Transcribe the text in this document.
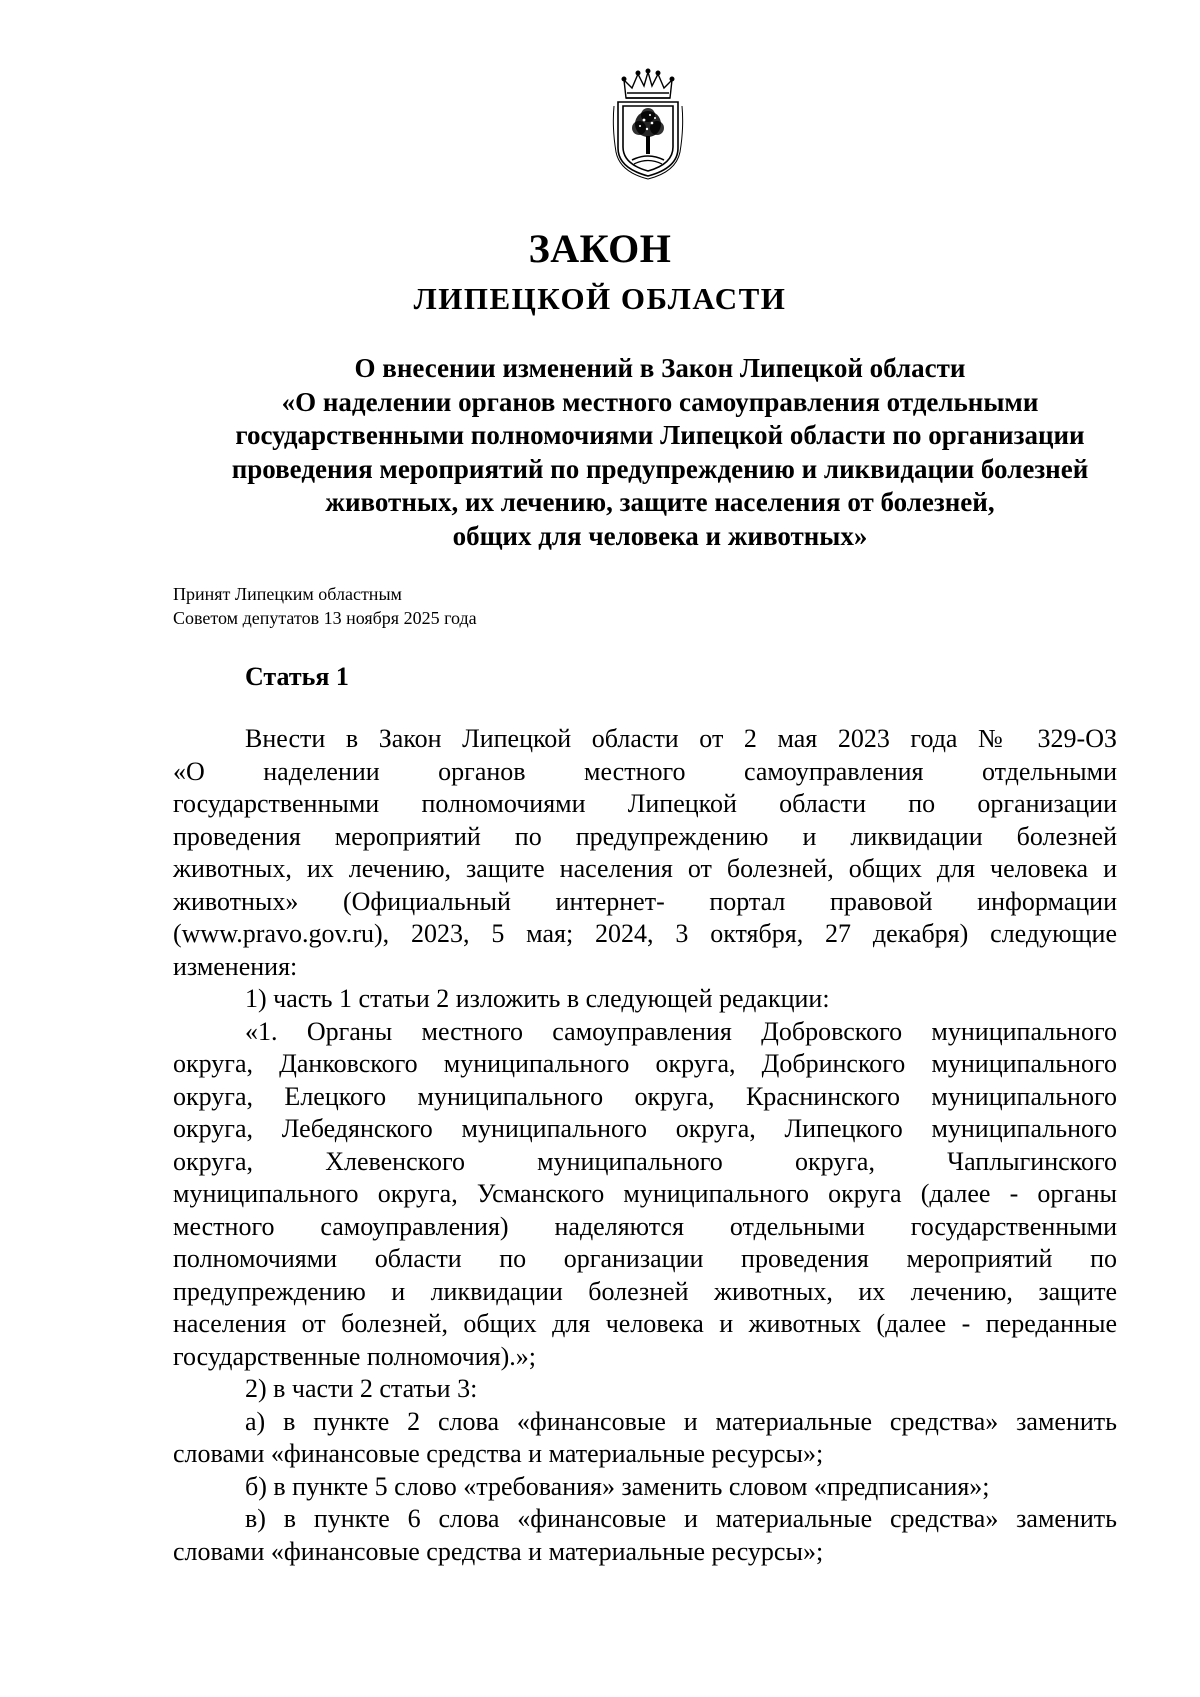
ЗАКОН
ЛИПЕЦКОЙ ОБЛАСТИ
О внесении изменений в Закон Липецкой области
«О наделении органов местного самоуправления отдельными
государственными полномочиями Липецкой области по организации
проведения мероприятий по предупреждению и ликвидации болезней
животных, их лечению, защите населения от болезней,
общих для человека и животных»
Принят Липецким областным
Советом депутатов 13 ноября 2025 года
Статья 1

Внести в Закон Липецкой области от 2 мая 2023 года № 329-ОЗ
«О наделении органов местного самоуправления отдельными
государственными полномочиями Липецкой области по организации
проведения мероприятий по предупреждению и ликвидации болезней
животных, их лечению, защите населения от болезней, общих для человека и
животных» (Официальный интернет- портал правовой информации
(www.pravo.gov.ru), 2023, 5 мая; 2024, 3 октября, 27 декабря) следующие
изменения:

1) часть 1 статьи 2 изложить в следующей редакции:

«1. Органы местного самоуправления Добровского муниципального
округа, Данковского муниципального округа, Добринского муниципального
округа, Елецкого муниципального округа, Краснинского муниципального
округа, Лебедянского муниципального округа, Липецкого муниципального
округа, Хлевенского муниципального округа, Чаплыгинского
муниципального округа, Усманского муниципального округа (далее - органы
местного самоуправления) наделяются отдельными государственными
полномочиями области по организации проведения мероприятий по
предупреждению и ликвидации болезней животных, их лечению, защите
населения от болезней, общих для человека и животных (далее - переданные
государственные полномочия).»;

2) в части 2 статьи 3:

а) в пункте 2 слова «финансовые и материальные средства» заменить
словами «финансовые средства и материальные ресурсы»;

б) в пункте 5 слово «требования» заменить словом «предписания»;

в) в пункте 6 слова «финансовые и материальные средства» заменить
словами «финансовые средства и материальные ресурсы»;
